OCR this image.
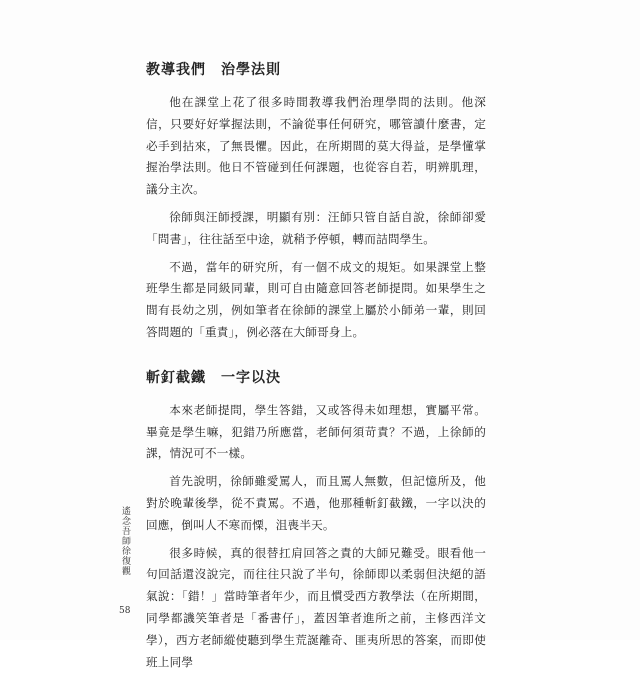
教導我們　治學法則

他在課堂上花了很多時間教導我們治理學問的法則。他深信，只要好好掌握法則，不論從事任何研究，哪管讀什麼書，定必手到拈來，了無畏懼。因此，在所期間的莫大得益，是學懂掌握治學法則。他日不管碰到任何課題，也從容自若，明辨肌理，議分主次。

徐師與汪師授課，明顯有別：汪師只管自話自說，徐師卻愛「問書」，往往話至中途，就稍予停頓，轉而詰問學生。

不過，當年的研究所，有一個不成文的規矩。如果課堂上整班學生都是同級同輩，則可自由隨意回答老師提問。如果學生之間有長幼之別，例如筆者在徐師的課堂上屬於小師弟一輩，則回答問題的「重責」，例必落在大師哥身上。

斬釘截鐵　一字以決

本來老師提問，學生答錯，又或答得未如理想，實屬平常。畢竟是學生嘛，犯錯乃所應當，老師何須苛責？不過，上徐師的課，情況可不一樣。

首先說明，徐師雖愛罵人，而且罵人無數，但記憶所及，他對於晚輩後學，從不責罵。不過，他那種斬釘截鐵，一字以決的回應，倒叫人不寒而慄，沮喪半天。

很多時候，真的很替扛肩回答之責的大師兄難受。眼看他一句回話還沒說完，而往往只說了半句，徐師即以柔弱但決絕的語氣說：「錯！」當時筆者年少，而且慣受西方教學法（在所期間，同學都譏笑筆者是「番書仔」，蓋因筆者進所之前，主修西洋文學），西方老師縱使聽到學生荒誕離奇、匪夷所思的答案，而即使班上同學

遙念吾師徐復觀
58
